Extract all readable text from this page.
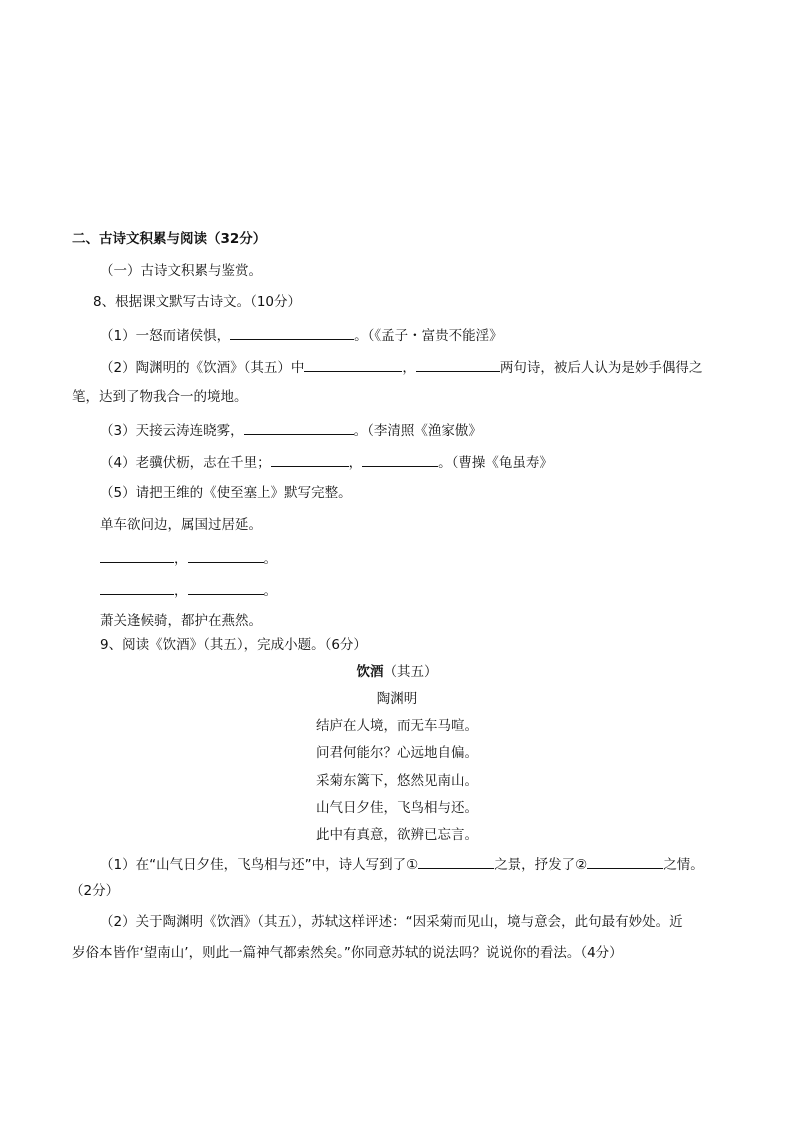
二、古诗文积累与阅读（32分）
（一）古诗文积累与鉴赏。
8、根据课文默写古诗文。（10分）
（1）一怒而诸侯惧，	。（《孟子・富贵不能淫》
（2）陶渊明的《饮酒》（其五）中	，	两句诗，被后人认为是妙手偶得之
笔，达到了物我合一的境地。
（3）天接云涛连晓雾，	。（李清照《渔家傲》
（4）老骥伏枥，志在千里；	，	。（曹操《龟虽寿》
（5）请把王维的《使至塞上》默写完整。
单车欲问边，属国过居延。
，	。
，	。
萧关逢候骑，都护在燕然。
9、阅读《饮酒》（其五），完成小题。（6分）
饮酒（其五）
陶渊明
结庐在人境，而无车马喧。
问君何能尔？心远地自偏。
采菊东篱下，悠然见南山。
山气日夕佳，飞鸟相与还。
此中有真意，欲辨已忘言。
（1）在“山气日夕佳，飞鸟相与还”中，诗人写到了①	之景，抒发了②	之情。
（2分）
（2）关于陶渊明《饮酒》（其五），苏轼这样评述：“因采菊而见山，境与意会，此句最有妙处。近
岁俗本皆作‘望南山’，则此一篇神气都索然矣。”你同意苏轼的说法吗？说说你的看法。（4分）
